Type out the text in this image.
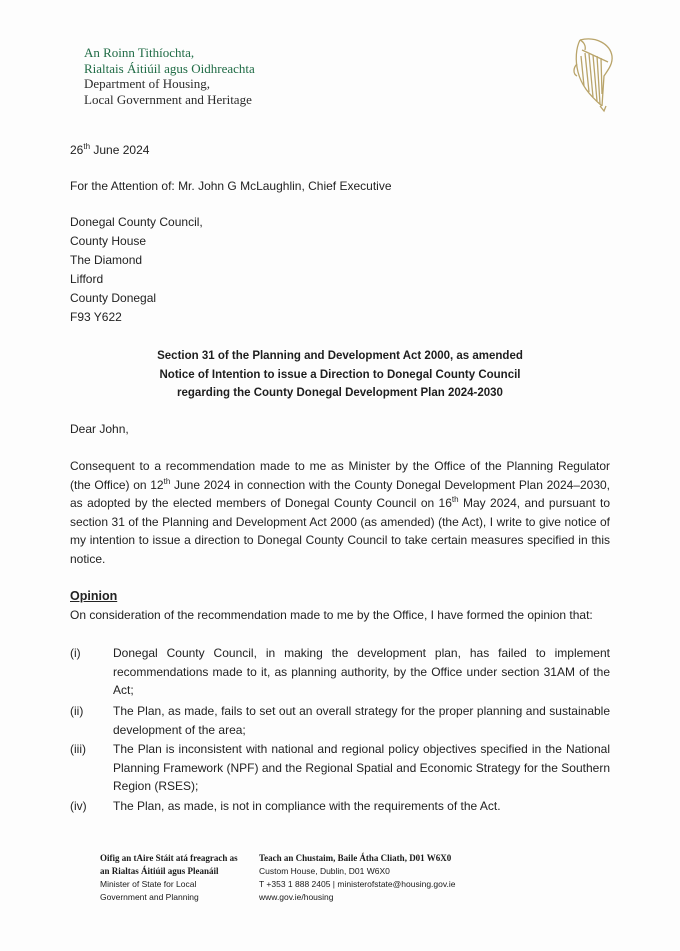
An Roinn Tithíochta,
Rialtais Áitiúil agus Oidhreachta
Department of Housing,
Local Government and Heritage
26th June 2024
For the Attention of: Mr. John G McLaughlin, Chief Executive
Donegal County Council,
County House
The Diamond
Lifford
County Donegal
F93 Y622
Section 31 of the Planning and Development Act 2000, as amended
Notice of Intention to issue a Direction to Donegal County Council
regarding the County Donegal Development Plan 2024-2030
Dear John,
Consequent to a recommendation made to me as Minister by the Office of the Planning Regulator (the Office) on 12th June 2024 in connection with the County Donegal Development Plan 2024–2030, as adopted by the elected members of Donegal County Council on 16th May 2024, and pursuant to section 31 of the Planning and Development Act 2000 (as amended) (the Act), I write to give notice of my intention to issue a direction to Donegal County Council to take certain measures specified in this notice.
Opinion
On consideration of the recommendation made to me by the Office, I have formed the opinion that:
(i)	Donegal County Council, in making the development plan, has failed to implement recommendations made to it, as planning authority, by the Office under section 31AM of the Act;
(ii) The Plan, as made, fails to set out an overall strategy for the proper planning and sustainable development of the area;
(iii) The Plan is inconsistent with national and regional policy objectives specified in the National Planning Framework (NPF) and the Regional Spatial and Economic Strategy for the Southern Region (RSES);
(iv) The Plan, as made, is not in compliance with the requirements of the Act.
Oifig an tAire Stáit atá freagrach as
an Rialtas Áitiúil agus Pleanáil
Minister of State for Local
Government and Planning
Teach an Chustaim, Baile Átha Cliath, D01 W6X0
Custom House, Dublin, D01 W6X0
T +353 1 888 2405 | ministerofstate@housing.gov.ie
www.gov.ie/housing
